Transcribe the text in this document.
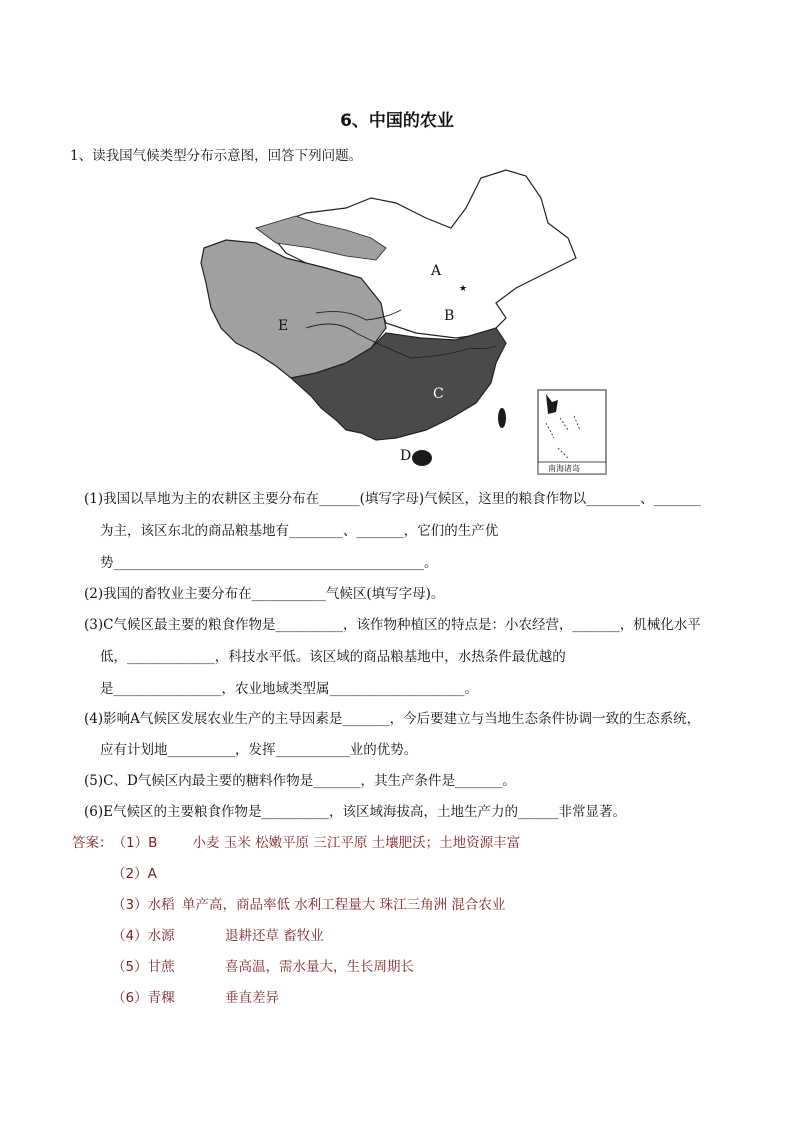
6、中国的农业
1、读我国气候类型分布示意图，回答下列问题。
★
A
B
C
D
E
南海诸岛
(1)我国以旱地为主的农耕区主要分布在______(填写字母)气候区，这里的粮食作物以________、_______
为主，该区东北的商品粮基地有________、_______，它们的生产优
势______________________________________________。
(2)我国的畜牧业主要分布在___________气候区(填写字母)。
(3)C气候区最主要的粮食作物是__________，该作物种植区的特点是：小农经营，_______，机械化水平
低，_____________，科技水平低。该区域的商品粮基地中，水热条件最优越的
是________________，农业地域类型属____________________。
(4)影响A气候区发展农业生产的主导因素是_______，今后要建立与当地生态条件协调一致的生态系统，
应有计划地__________，发挥___________业的优势。
(5)C、D气候区内最主要的糖料作物是_______，其生产条件是_______。
(6)E气候区的主要粮食作物是__________，该区域海拔高，土地生产力的______非常显著。
答案：（1）B	小麦 玉米 松嫩平原 三江平原 土壤肥沃；土地资源丰富
（2）A
（3）水稻 单产高，商品率低 水利工程量大 珠江三角洲 混合农业
（4）水源	退耕还草 畜牧业
（5）甘蔗	喜高温，需水量大，生长周期长
（6）青稞	垂直差异
